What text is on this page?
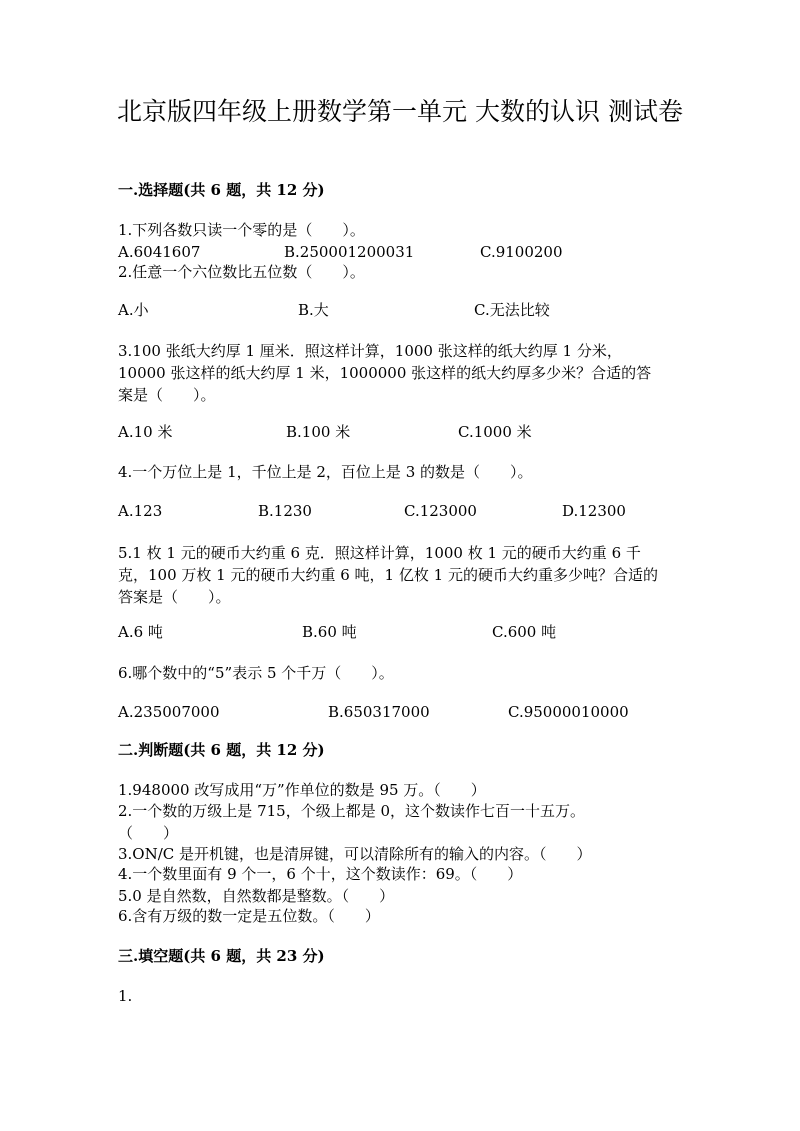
北京版四年级上册数学第一单元 大数的认识 测试卷
一.选择题(共 6 题，共 12 分)
1.下列各数只读一个零的是（　　）。
A.6041607	B.250001200031	C.9100200
2.任意一个六位数比五位数（　　）。
A.小	B.大	C.无法比较
3.100 张纸大约厚 1 厘米．照这样计算，1000 张这样的纸大约厚 1 分米，10000 张这样的纸大约厚 1 米，1000000 张这样的纸大约厚多少米？合适的答案是（　　）。
A.10 米	B.100 米	C.1000 米
4.一个万位上是 1，千位上是 2，百位上是 3 的数是（　　）。
A.123	B.1230	C.123000	D.12300
5.1 枚 1 元的硬币大约重 6 克．照这样计算，1000 枚 1 元的硬币大约重 6 千克，100 万枚 1 元的硬币大约重 6 吨，1 亿枚 1 元的硬币大约重多少吨？合适的答案是（　　）。
A.6 吨	B.60 吨	C.600 吨
6.哪个数中的“5”表示 5 个千万（　　）。
A.235007000	B.650317000	C.95000010000
二.判断题(共 6 题，共 12 分)
1.948000 改写成用“万”作单位的数是 95 万。（　　）
2.一个数的万级上是 715，个级上都是 0，这个数读作七百一十五万。（　　）
3.ON/C 是开机键，也是清屏键，可以清除所有的输入的内容。（　　）
4.一个数里面有 9 个一，6 个十，这个数读作：69。（　　）
5.0 是自然数，自然数都是整数。（　　）
6.含有万级的数一定是五位数。（　　）
三.填空题(共 6 题，共 23 分)
1.
